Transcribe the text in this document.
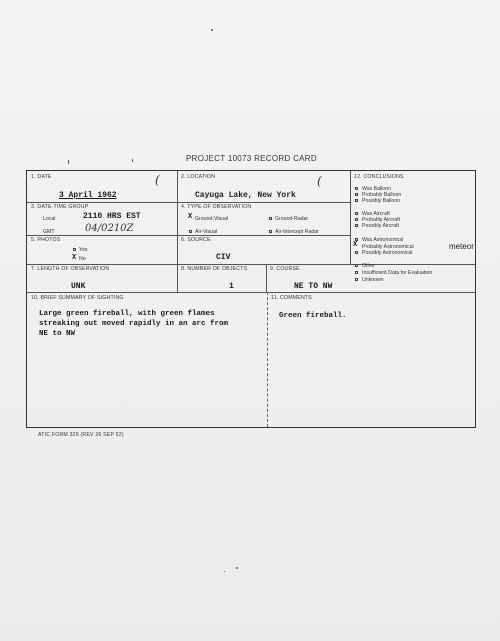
PROJECT 10073 RECORD CARD
1. DATE
3 April 1962
(	2. LOCATION
Cayuga Lake, New York
(
3. DATE-TIME GROUP
Local	2110 HRS EST
GMT	04/0210Z
4. TYPE OF OBSERVATION
X Ground-Visual	Ground-Radar
Air-Visual	Air-Intercept Radar
5. PHOTOS
Yes
X No
6. SOURCE
CIV
7. LENGTH OF OBSERVATION
UNK
8. NUMBER OF OBJECTS
1
9. COURSE
NE TO NW
10. BRIEF SUMMARY OF SIGHTING
Large green fireball, with green flames
streaking out moved rapidly in an arc from
NE to NW
11. COMMENTS
Green fireball.
12. CONCLUSIONS
Was Balloon
Probably Balloon
Possibly Balloon
Was Aircraft
Probably Aircraft
Possibly Aircraft
Was Astronomical
X Probably Astronomical
Possibly Astronomical
meteor
Other
Insufficient Data for Evaluation
Unknown
ATIC FORM 329 (REV 26 SEP 52)
